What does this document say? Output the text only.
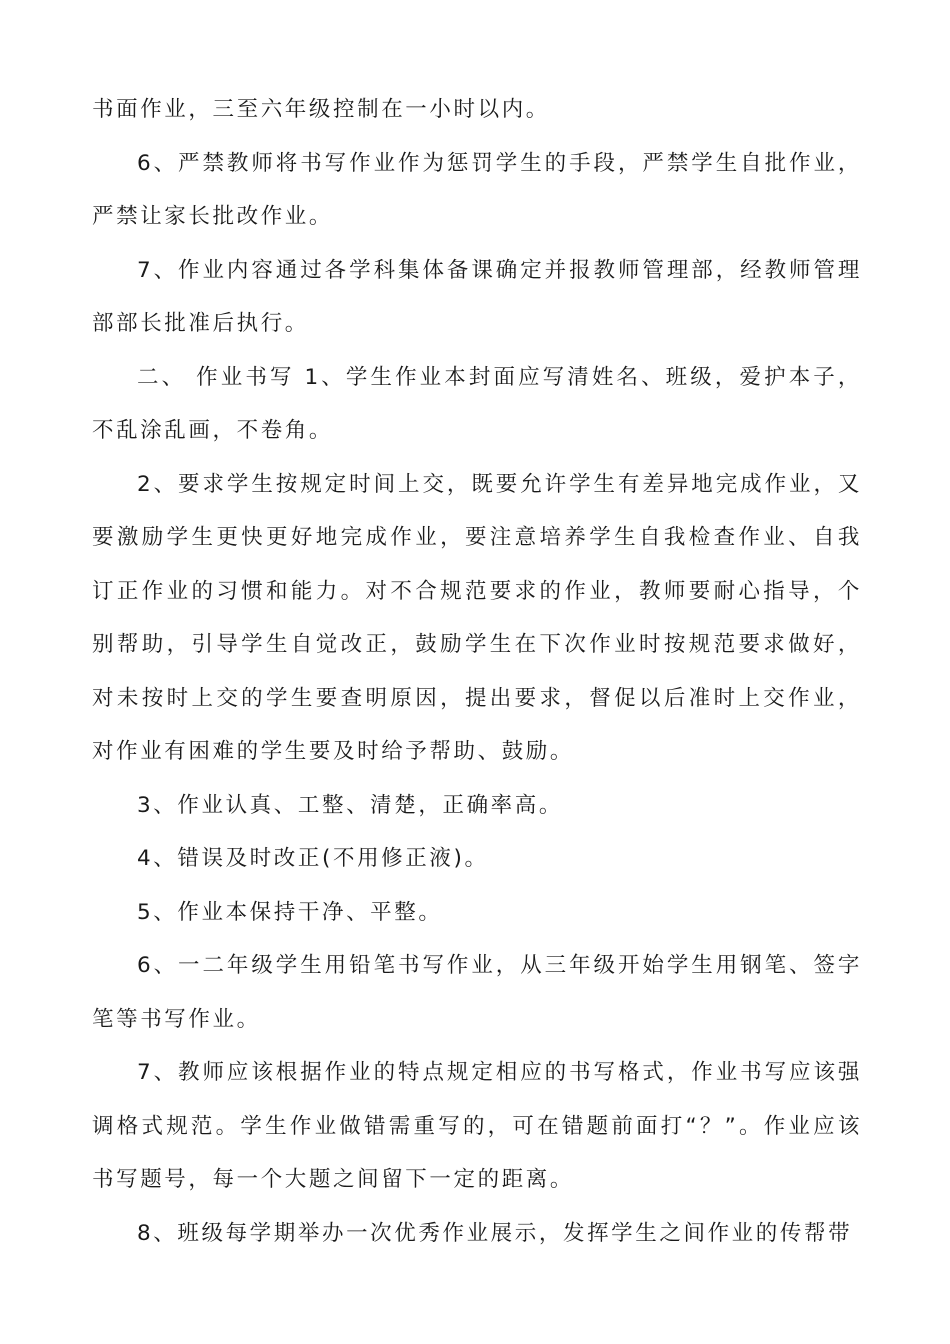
书面作业，三至六年级控制在一小时以内。

6、严禁教师将书写作业作为惩罚学生的手段，严禁学生自批作业，严禁让家长批改作业。

7、作业内容通过各学科集体备课确定并报教师管理部，经教师管理部部长批准后执行。

二、 作业书写 1、学生作业本封面应写清姓名、班级，爱护本子，不乱涂乱画，不卷角。

2、要求学生按规定时间上交，既要允许学生有差异地完成作业，又要激励学生更快更好地完成作业，要注意培养学生自我检查作业、自我订正作业的习惯和能力。对不合规范要求的作业，教师要耐心指导，个别帮助，引导学生自觉改正，鼓励学生在下次作业时按规范要求做好，对未按时上交的学生要查明原因，提出要求，督促以后准时上交作业，对作业有困难的学生要及时给予帮助、鼓励。

3、作业认真、工整、清楚，正确率高。

4、错误及时改正(不用修正液)。

5、作业本保持干净、平整。

6、一二年级学生用铅笔书写作业，从三年级开始学生用钢笔、签字笔等书写作业。

7、教师应该根据作业的特点规定相应的书写格式，作业书写应该强调格式规范。学生作业做错需重写的，可在错题前面打“？”。作业应该书写题号，每一个大题之间留下一定的距离。

8、班级每学期举办一次优秀作业展示，发挥学生之间作业的传帮带
